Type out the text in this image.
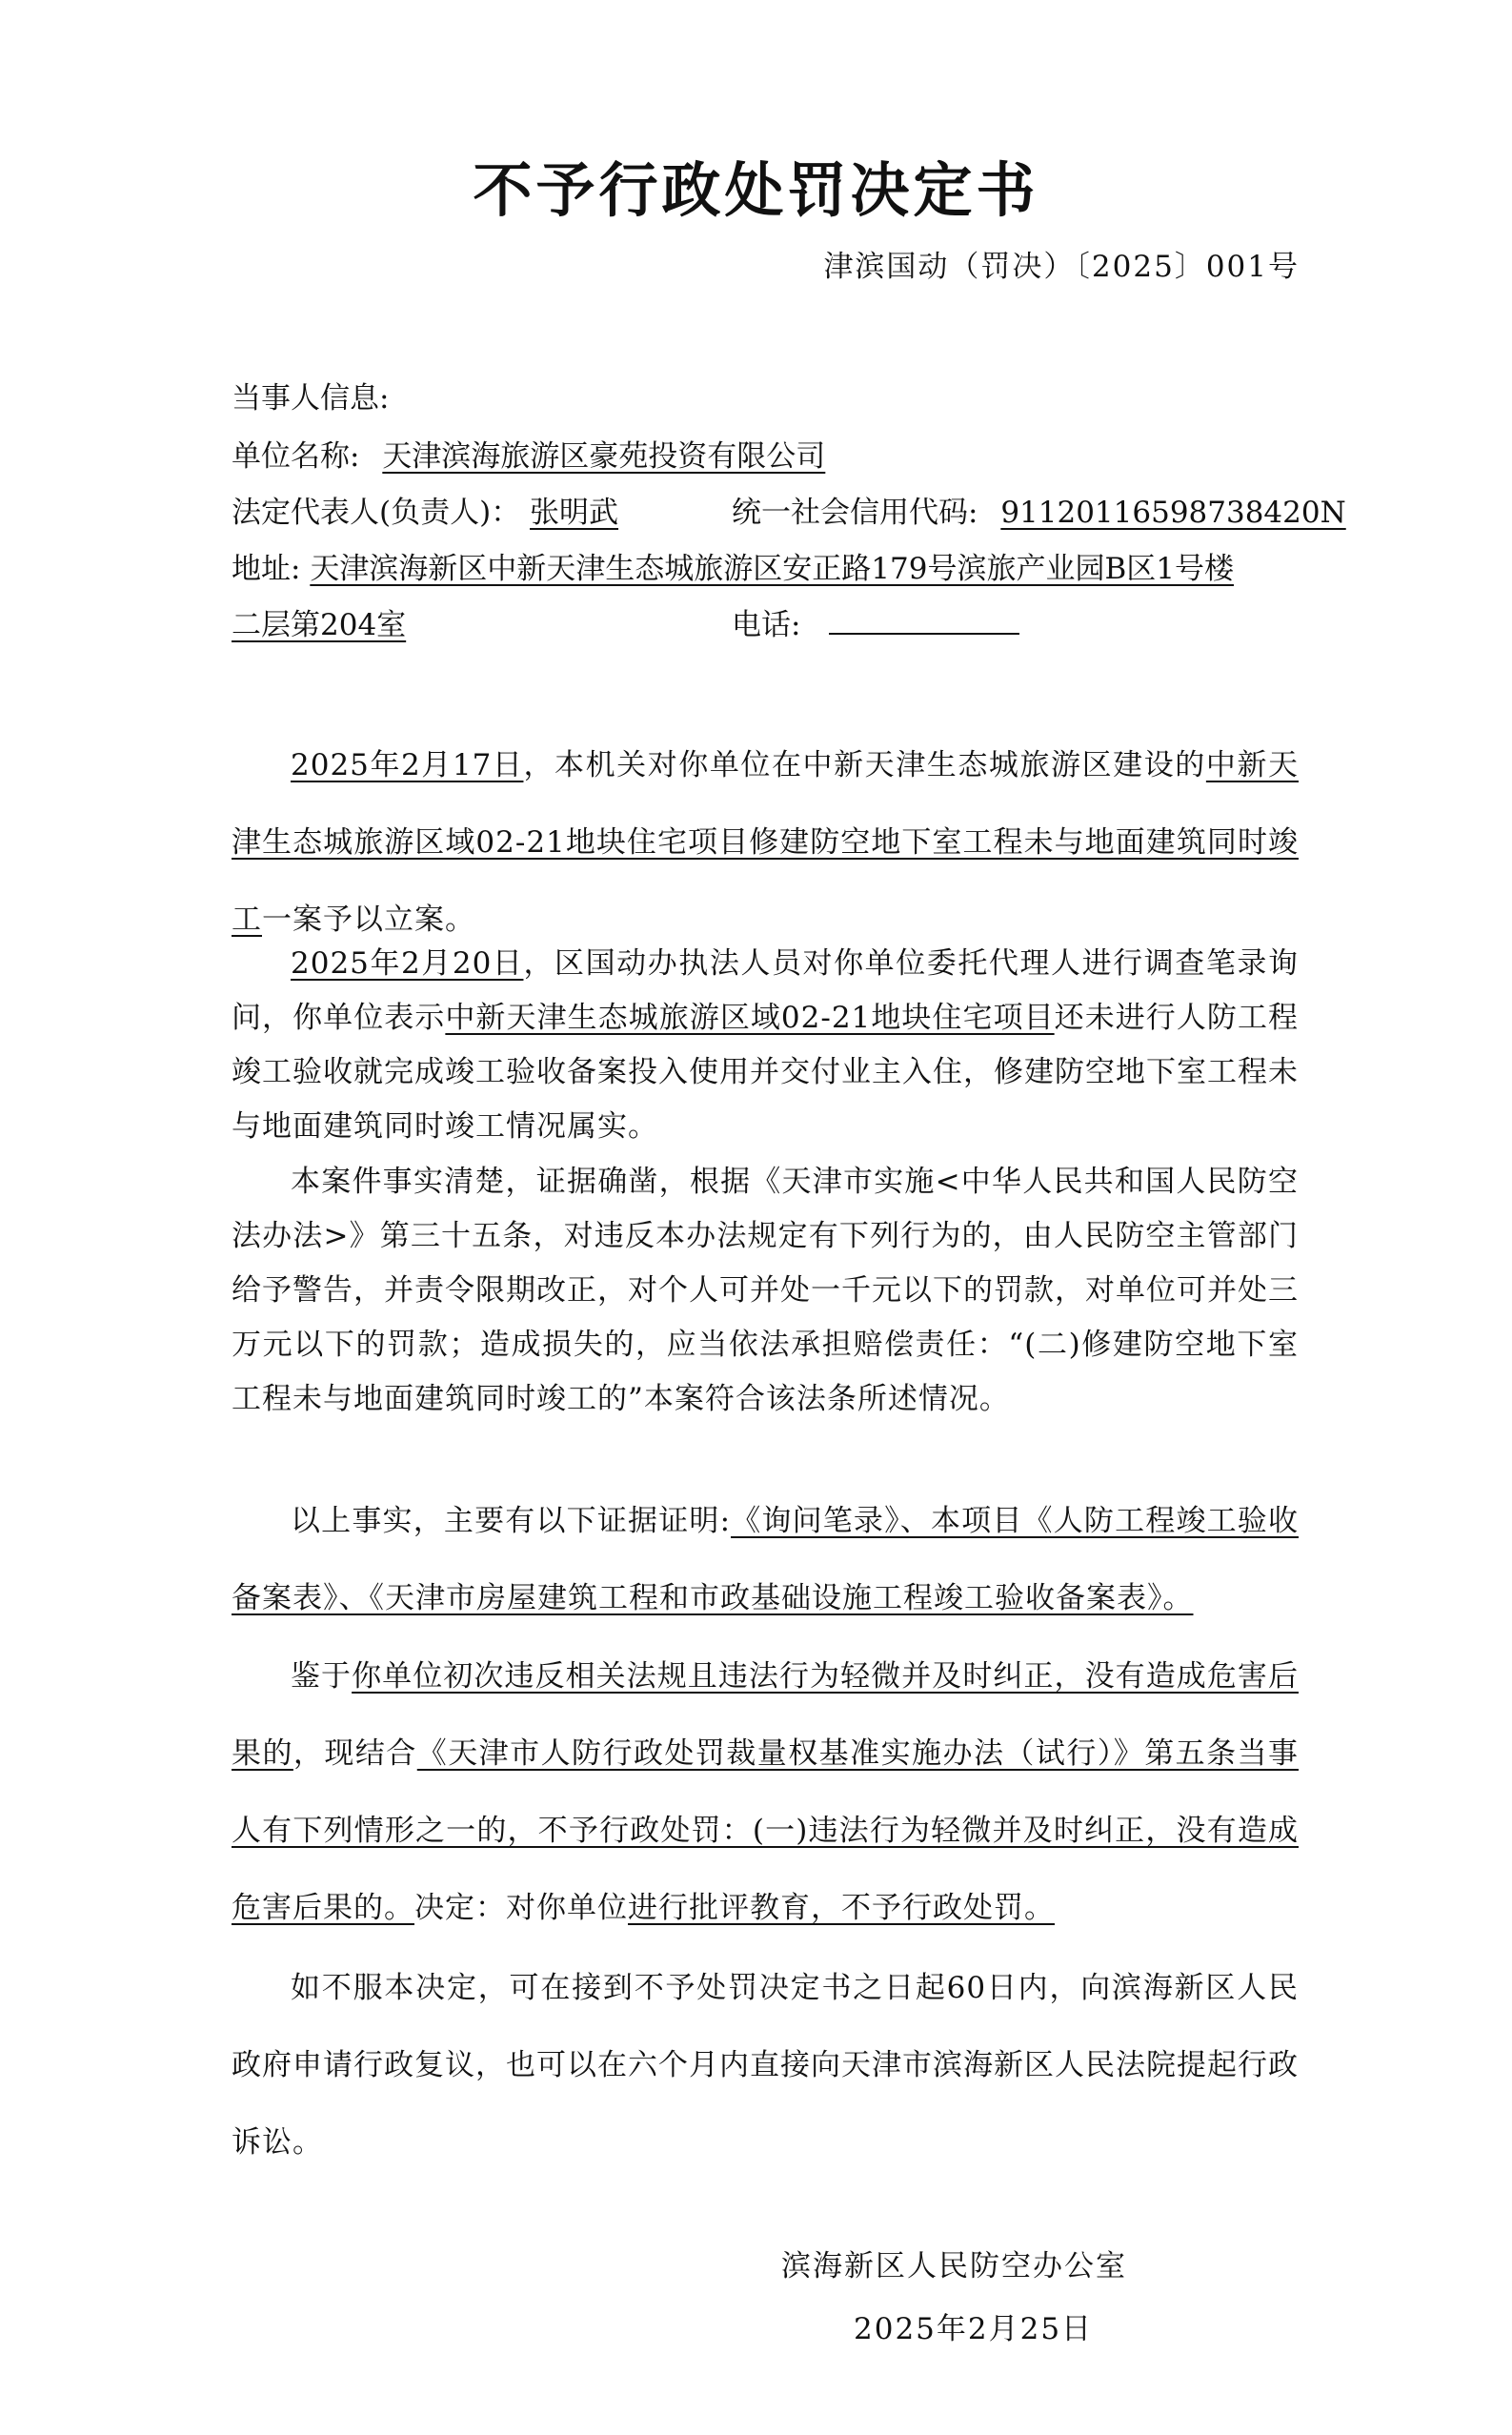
不予行政处罚决定书
津滨国动（罚决）〔2025〕001号
当事人信息:
单位名称: 天津滨海旅游区豪苑投资有限公司
法定代表人(负责人)： 张明武	统一社会信用代码: 91120116598738420N
地址: 天津滨海新区中新天津生态城旅游区安正路179号滨旅产业园B区1号楼
二层第204室	电话:
2025年2月17日，本机关对你单位在中新天津生态城旅游区建设的中新天津生态城旅游区域02-21地块住宅项目修建防空地下室工程未与地面建筑同时竣工一案予以立案。
2025年2月20日，区国动办执法人员对你单位委托代理人进行调查笔录询问，你单位表示中新天津生态城旅游区域02-21地块住宅项目还未进行人防工程竣工验收就完成竣工验收备案投入使用并交付业主入住，修建防空地下室工程未与地面建筑同时竣工情况属实。
本案件事实清楚，证据确凿，根据《天津市实施<中华人民共和国人民防空法办法>》第三十五条，对违反本办法规定有下列行为的，由人民防空主管部门给予警告，并责令限期改正，对个人可并处一千元以下的罚款，对单位可并处三万元以下的罚款；造成损失的，应当依法承担赔偿责任：“(二)修建防空地下室工程未与地面建筑同时竣工的”本案符合该法条所述情况。
以上事实，主要有以下证据证明:《询问笔录》、本项目《人防工程竣工验收备案表》、《天津市房屋建筑工程和市政基础设施工程竣工验收备案表》。
鉴于你单位初次违反相关法规且违法行为轻微并及时纠正，没有造成危害后果的，现结合《天津市人防行政处罚裁量权基准实施办法（试行）》第五条当事人有下列情形之一的，不予行政处罚：(一)违法行为轻微并及时纠正，没有造成危害后果的。决定：对你单位进行批评教育，不予行政处罚。
如不服本决定，可在接到不予处罚决定书之日起60日内，向滨海新区人民政府申请行政复议，也可以在六个月内直接向天津市滨海新区人民法院提起行政诉讼。
滨海新区人民防空办公室
2025年2月25日
